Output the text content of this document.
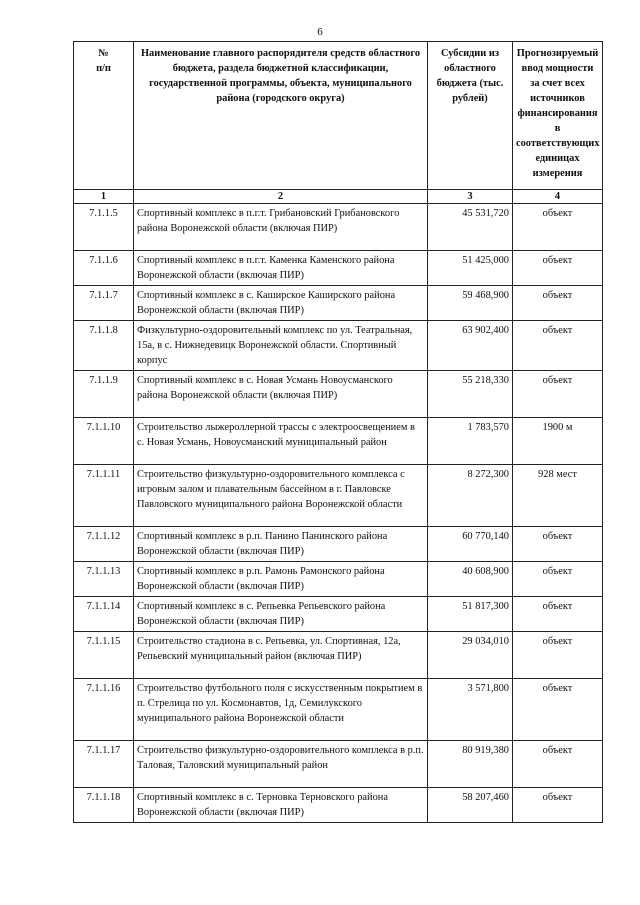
6
№
п/п	Наименование главного распорядителя средств областного бюджета, раздела бюджетной классификации, государственной программы, объекта, муниципального района (городского округа)	Субсидии из областного бюджета (тыс. рублей)	Прогнозируемый ввод мощности за счет всех источников финансирования в соответствующих единицах измерения
1	2	3	4
7.1.1.5	Спортивный комплекс в п.г.т. Грибановский Грибановского района Воронежской области (включая ПИР)	45 531,720	объект
7.1.1.6	Спортивный комплекс в п.г.т. Каменка Каменского района Воронежской области (включая ПИР)	51 425,000	объект
7.1.1.7	Спортивный комплекс в с. Каширское Каширского района Воронежской области (включая ПИР)	59 468,900	объект
7.1.1.8	Физкультурно-оздоровительный комплекс по ул. Театральная, 15а, в с. Нижнедевицк Воронежской области. Спортивный корпус	63 902,400	объект
7.1.1.9	Спортивный комплекс в с. Новая Усмань Новоусманского района Воронежской области (включая ПИР)	55 218,330	объект
7.1.1.10	Строительство лыжероллерной трассы с электроосвещением в с. Новая Усмань, Новоусманский муниципальный район	1 783,570	1900 м
7.1.1.11	Строительство физкультурно-оздоровительного комплекса с игровым залом и плавательным бассейном в г. Павловске Павловского муниципального района Воронежской области	8 272,300	928 мест
7.1.1.12	Спортивный комплекс в р.п. Панино Панинского района Воронежской области (включая ПИР)	60 770,140	объект
7.1.1.13	Спортивный комплекс в р.п. Рамонь Рамонского района Воронежской области (включая ПИР)	40 608,900	объект
7.1.1.14	Спортивный комплекс в с. Репьевка Репьевского района Воронежской области (включая ПИР)	51 817,300	объект
7.1.1.15	Строительство стадиона в с. Репьевка, ул. Спортивная, 12а, Репьевский муниципальный район (включая ПИР)	29 034,010	объект
7.1.1.16	Строительство футбольного поля с искусственным покрытием в п. Стрелица по ул. Космонавтов, 1д, Семилукского муниципального района Воронежской области	3 571,800	объект
7.1.1.17	Строительство физкультурно-оздоровительного комплекса в р.п. Таловая, Таловский муниципальный район	80 919,380	объект
7.1.1.18	Спортивный комплекс в с. Терновка Терновского района Воронежской области (включая ПИР)	58 207,460	объект
